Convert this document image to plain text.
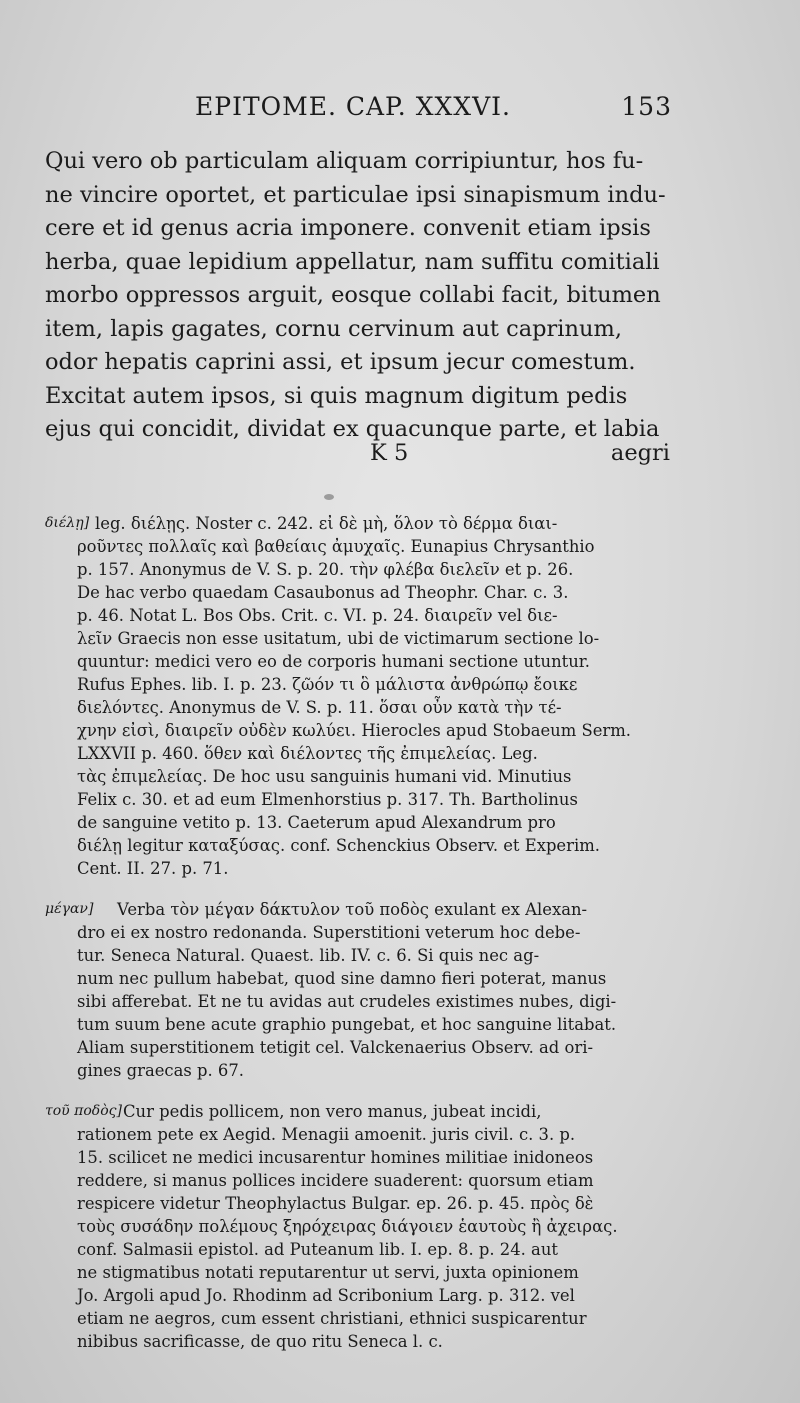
EPITOME. CAP. XXXVI.	153
Qui vero ob particulam aliquam corripiuntur, hos fu-
ne vincire oportet, et particulae ipsi sinapismum indu-
cere et id genus acria imponere. convenit etiam ipsis
herba, quae lepidium appellatur, nam suffitu comitiali
morbo oppressos arguit, eosque collabi facit, bitumen
item, lapis gagates, cornu cervinum aut caprinum,
odor hepatis caprini assi, et ipsum jecur comestum.
Excitat autem ipsos, si quis magnum digitum pedis
ejus qui concidit, dividat ex quacunque parte, et labia
K 5	aegri
διέλῃ] leg. διέλῃς. Noster c. 242. εἰ δὲ μὴ, ὅλον τὸ δέρμα διαι-
ροῦντες πολλαῖς καὶ βαθείαις ἀμυχαῖς. Eunapius Chrysanthio
p. 157. Anonymus de V. S. p. 20. τὴν φλέβα διελεῖν et p. 26.
De hac verbo quaedam Casaubonus ad Theophr. Char. c. 3.
p. 46. Notat L. Bos Obs. Crit. c. VI. p. 24. διαιρεῖν vel διε-
λεῖν Graecis non esse usitatum, ubi de victimarum sectione lo-
quuntur: medici vero eo de corporis humani sectione utuntur.
Rufus Ephes. lib. I. p. 23. ζῶόν τι ὃ μάλιστα ἀνθρώπῳ ἔοικε
διελόντες. Anonymus de V. S. p. 11. ὅσαι οὖν κατὰ τὴν τέ-
χνην εἰσὶ, διαιρεῖν οὐδὲν κωλύει. Hierocles apud Stobaeum Serm.
LXXVII p. 460. ὅθεν καὶ διέλοντες τῆς ἐπιμελείας. Leg.
τὰς ἐπιμελείας. De hoc usu sanguinis humani vid. Minutius
Felix c. 30. et ad eum Elmenhorstius p. 317. Th. Bartholinus
de sanguine vetito p. 13. Caeterum apud Alexandrum pro
διέλῃ legitur καταξύσας. conf. Schenckius Observ. et Experim.
Cent. II. 27. p. 71.
μέγαν]	Verba τὸν μέγαν δάκτυλον τοῦ ποδὸς exulant ex Alexan-
dro ei ex nostro redonanda. Superstitioni veterum hoc debe-
tur. Seneca Natural. Quaest. lib. IV. c. 6. Si quis nec ag-
num nec pullum habebat, quod sine damno fieri poterat, manus
sibi afferebat. Et ne tu avidas aut crudeles existimes nubes, digi-
tum suum bene acute graphio pungebat, et hoc sanguine litabat.
Aliam superstitionem tetigit cel. Valckenaerius Observ. ad ori-
gines graecas p. 67.
τοῦ ποδὸς] Cur pedis pollicem, non vero manus, jubeat incidi,
rationem pete ex Aegid. Menagii amoenit. juris civil. c. 3. p.
15. scilicet ne medici incusarentur homines militiae inidoneos
reddere, si manus pollices incidere suaderent: quorsum etiam
respicere videtur Theophylactus Bulgar. ep. 26. p. 45. πρὸς δὲ
τοὺς συσάδην πολέμους ξηρόχειρας διάγοιεν ἑαυτοὺς ἢ ἀχειρας.
conf. Salmasii epistol. ad Puteanum lib. I. ep. 8. p. 24. aut
ne stigmatibus notati reputarentur ut servi, juxta opinionem
Jo. Argoli apud Jo. Rhodinm ad Scribonium Larg. p. 312. vel
etiam ne aegros, cum essent christiani, ethnici suspicarentur
nibibus sacrificasse, de quo ritu Seneca l. c.
